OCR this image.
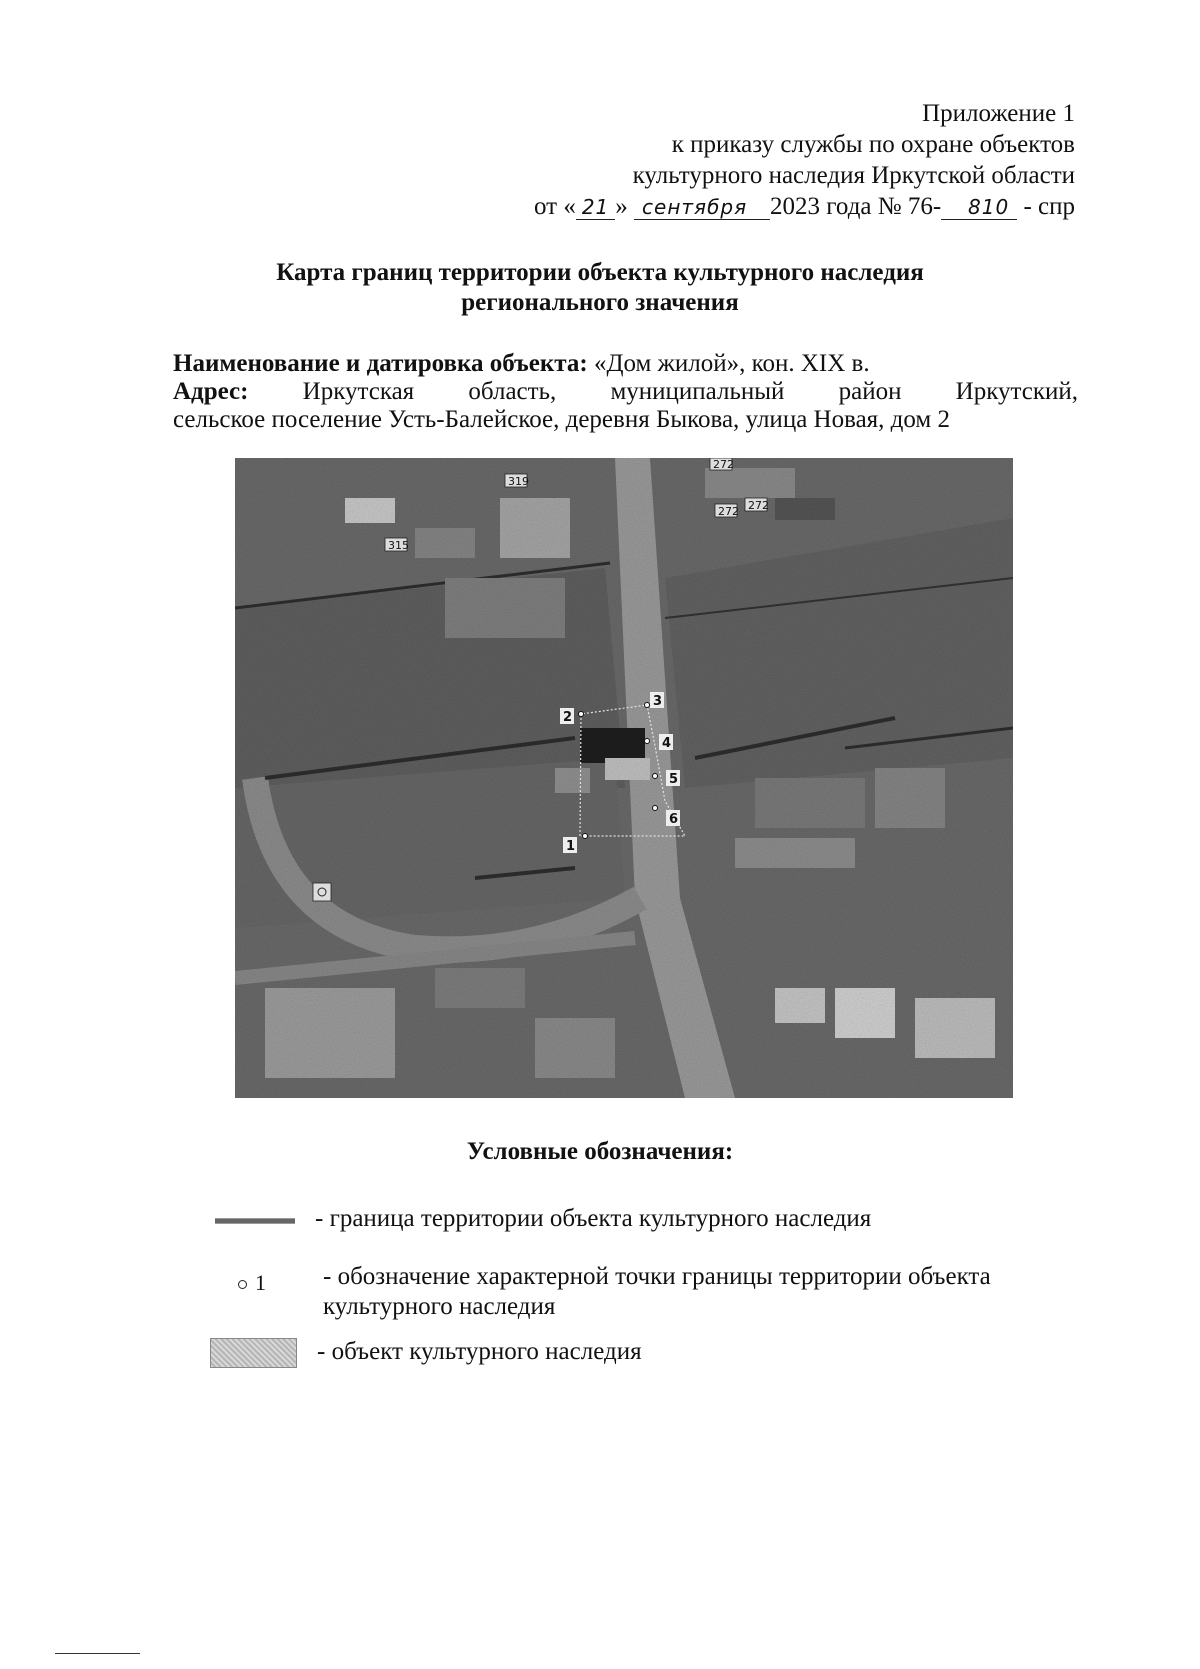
Приложение 1
к приказу службы по охране объектов
культурного наследия Иркутской области
от « 21 » сентября 2023 года № 76- 810 - спр
Карта границ территории объекта культурного наследия
регионального значения
Наименование и датировка объекта: «Дом жилой», кон. XIX в.
Адрес: Иркутская область, муниципальный район Иркутский,
сельское поселение Усть-Балейское, деревня Быкова, улица Новая, дом 2
319
315
272
272 272
1
2
3
4
5
6
Условные обозначения:
- граница территории объекта культурного наследия
1 - обозначение характерной точки границы территории объекта
культурного наследия
- объект культурного наследия
